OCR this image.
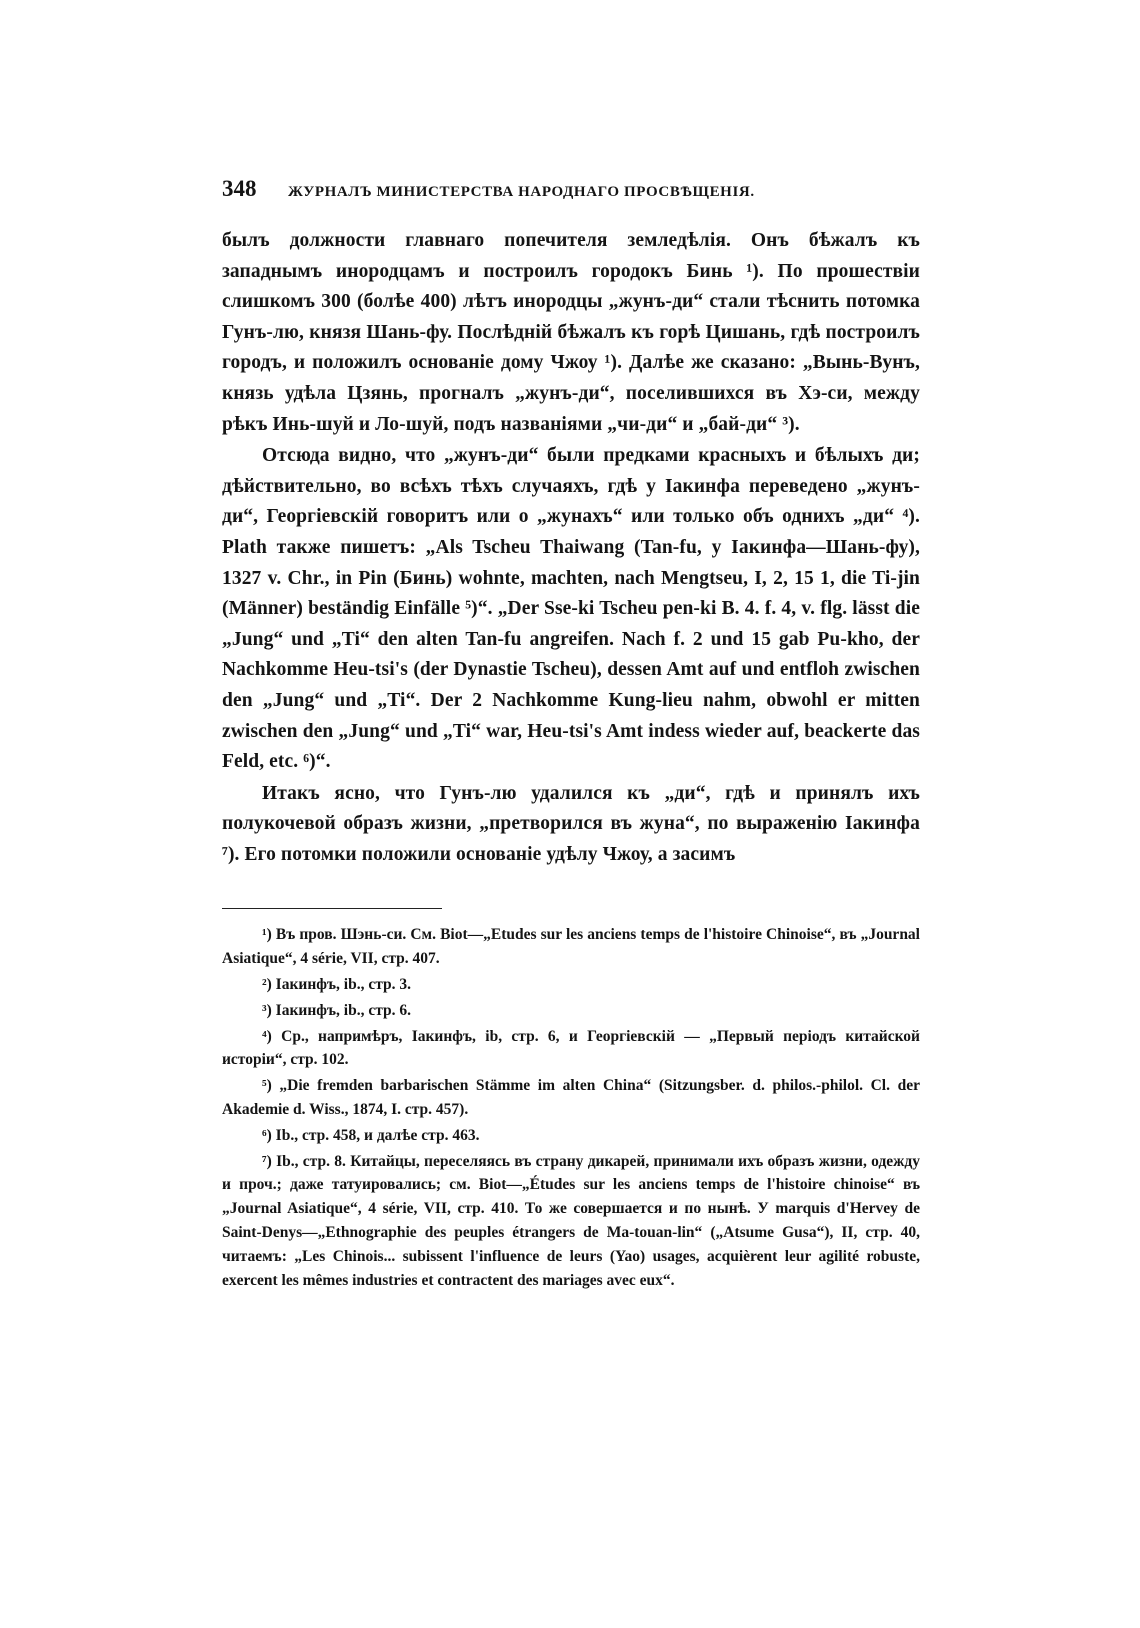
348	ЖУРНАЛЪ МИНИСТЕРСТВА НАРОДНАГО ПРОСВѢЩЕНІЯ.

былъ должности главнаго попечителя земледѣлія. Онъ бѣжалъ къ западнымъ инородцамъ и построилъ городокъ Бинь ¹). По прошествіи слишкомъ 300 (болѣе 400) лѣтъ инородцы „жунъ-ди“ стали тѣснить потомка Гунъ-лю, князя Шань-фу. Послѣдній бѣжалъ къ горѣ Цишань, гдѣ построилъ городъ, и положилъ основаніе дому Чжоу ¹). Далѣе же сказано: „Вынь-Вунъ, князь удѣла Цзянь, прогналъ „жунъ-ди“, поселившихся въ Хэ-си, между рѣкъ Инь-шуй и Ло-шуй, подъ названіями „чи-ди“ и „бай-ди“ ³).

Отсюда видно, что „жунъ-ди“ были предками красныхъ и бѣлыхъ ди; дѣйствительно, во всѣхъ тѣхъ случаяхъ, гдѣ у Іакинфа переведено „жунъ-ди“, Георгіевскій говоритъ или о „жунахъ“ или только объ однихъ „ди“ ⁴). Plath также пишетъ: „Als Tscheu Thaiwang (Tan-fu, у Іакинфа—Шань-фу), 1327 v. Chr., in Pin (Бинь) wohnte, machten, nach Mengtseu, I, 2, 15 1, die Ti-jin (Männer) beständig Einfälle ⁵)“. „Der Sse-ki Tscheu pen-ki B. 4. f. 4, v. flg. lässt die „Jung“ und „Ti“ den alten Tan-fu angreifen. Nach f. 2 und 15 gab Pu-kho, der Nachkomme Heu-tsi's (der Dynastie Tscheu), dessen Amt auf und entfloh zwischen den „Jung“ und „Ti“. Der 2 Nachkomme Kung-lieu nahm, obwohl er mitten zwischen den „Jung“ und „Ti“ war, Heu-tsi's Amt indess wieder auf, beackerte das Feld, etc. ⁶)“.

Итакъ ясно, что Гунъ-лю удалился къ „ди“, гдѣ и принялъ ихъ полукочевой образъ жизни, „претворился въ жуна“, по выраженію Іакинфа ⁷). Его потомки положили основаніе удѣлу Чжоу, а засимъ

¹) Въ пров. Шэнь-си. См. Biot—„Etudes sur les anciens temps de l'histoire Chinoise“, въ „Journal Asiatique“, 4 série, VII, стр. 407.

²) Іакинфъ, ib., стр. 3.

³) Іакинфъ, ib., стр. 6.

⁴) Ср., напримѣръ, Іакинфъ, ib, стр. 6, и Георгіевскій — „Первый періодъ китайской исторіи“, стр. 102.

⁵) „Die fremden barbarischen Stämme im alten China“ (Sitzungsber. d. philos.-philol. Cl. der Akademie d. Wiss., 1874, I. стр. 457).

⁶) Ib., стр. 458, и далѣе стр. 463.

⁷) Ib., стр. 8. Китайцы, переселяясь въ страну дикарей, принимали ихъ образъ жизни, одежду и проч.; даже татуировались; см. Biot—„Études sur les anciens temps de l'histoire chinoise“ въ „Journal Asiatique“, 4 série, VII, стр. 410. То же совершается и по нынѣ. У marquis d'Hervey de Saint-Denys—„Ethnographie des peuples étrangers de Ma-touan-lin“ („Atsume Gusa“), II, стр. 40, читаемъ: „Les Chinois... subissent l'influence de leurs (Yao) usages, acquièrent leur agilité robuste, exercent les mêmes industries et contractent des mariages avec eux“.
